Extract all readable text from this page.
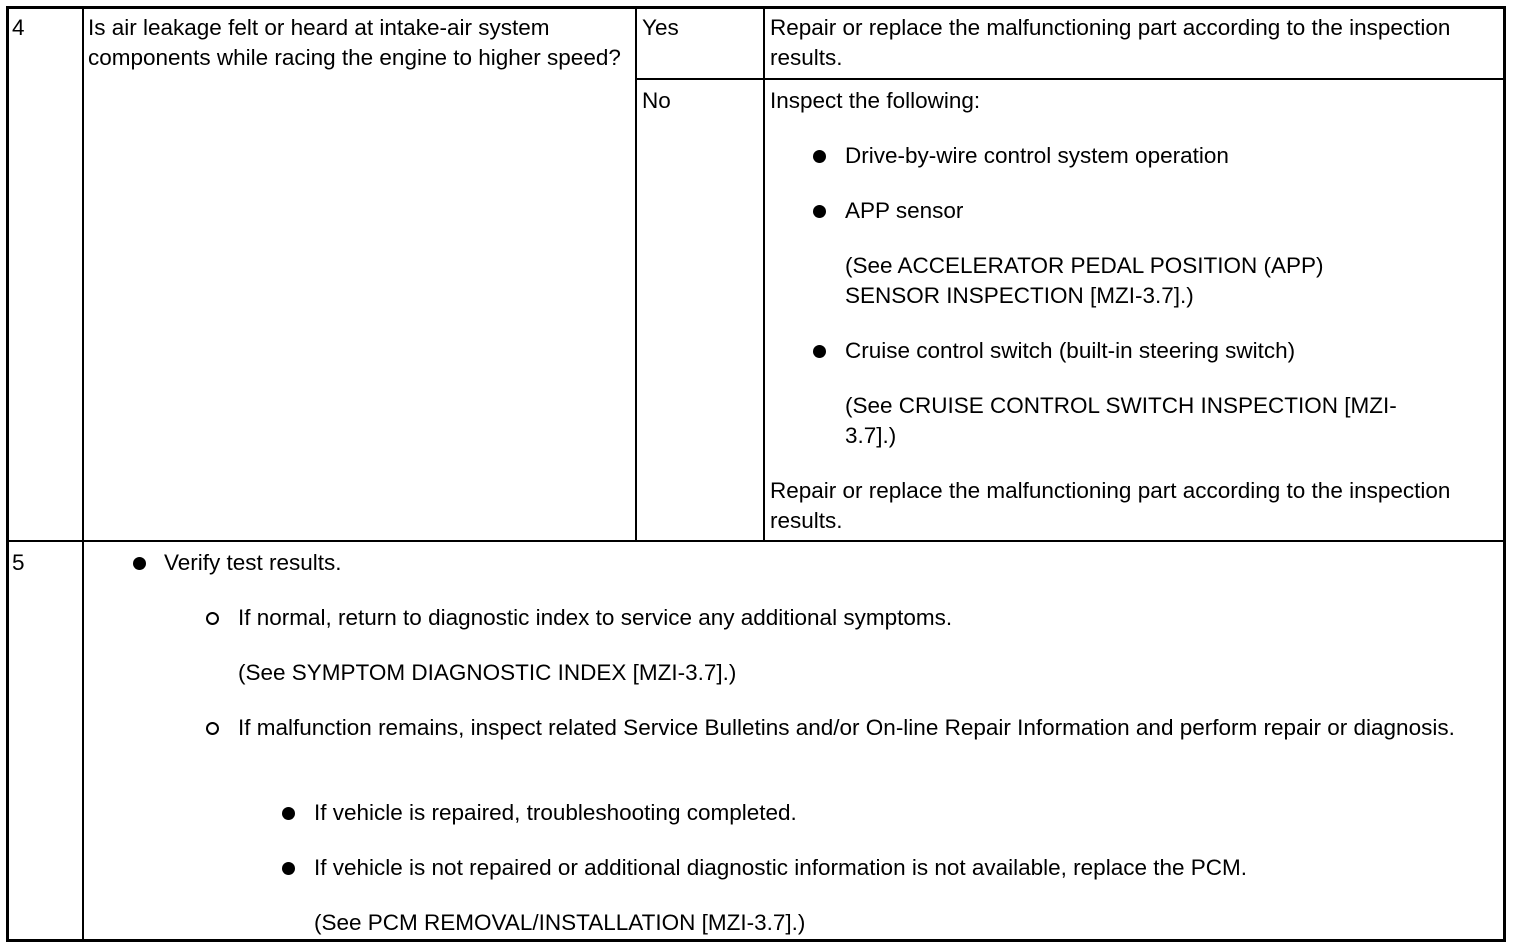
4	Is air leakage felt or heard at intake-air system components while racing the engine to higher speed?
Yes	Repair or replace the malfunctioning part according to the inspection results.
No	Inspect the following:
Drive-by-wire control system operation
APP sensor
(See ACCELERATOR PEDAL POSITION (APP) SENSOR INSPECTION [MZI-3.7].)
Cruise control switch (built-in steering switch)
(See CRUISE CONTROL SWITCH INSPECTION [MZI-3.7].)
Repair or replace the malfunctioning part according to the inspection results.
5	Verify test results.
If normal, return to diagnostic index to service any additional symptoms.
(See SYMPTOM DIAGNOSTIC INDEX [MZI-3.7].)
If malfunction remains, inspect related Service Bulletins and/or On-line Repair Information and perform repair or diagnosis.
If vehicle is repaired, troubleshooting completed.
If vehicle is not repaired or additional diagnostic information is not available, replace the PCM.
(See PCM REMOVAL/INSTALLATION [MZI-3.7].)
